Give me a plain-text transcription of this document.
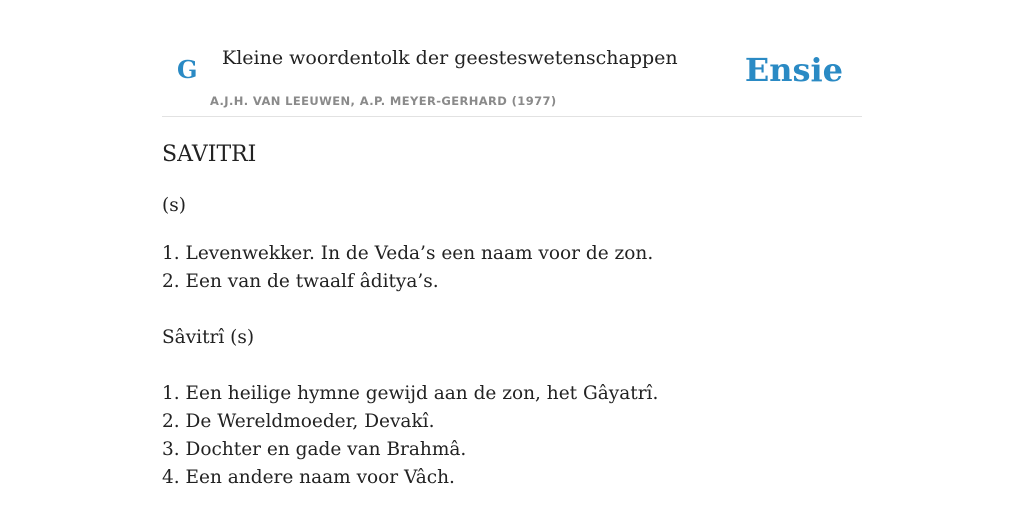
G Kleine woordentolk der geesteswetenschappen
A.J.H. VAN LEEUWEN, A.P. MEYER-GERHARD (1977)
Ensie
SAVITRI

(s)

1. Levenwekker. In de Veda’s een naam voor de zon.
2. Een van de twaalf âditya’s.

Sâvitrî (s)

1. Een heilige hymne gewijd aan de zon, het Gâyatrî.
2. De Wereldmoeder, Devakî.
3. Dochter en gade van Brahmâ.
4. Een andere naam voor Vâch.
